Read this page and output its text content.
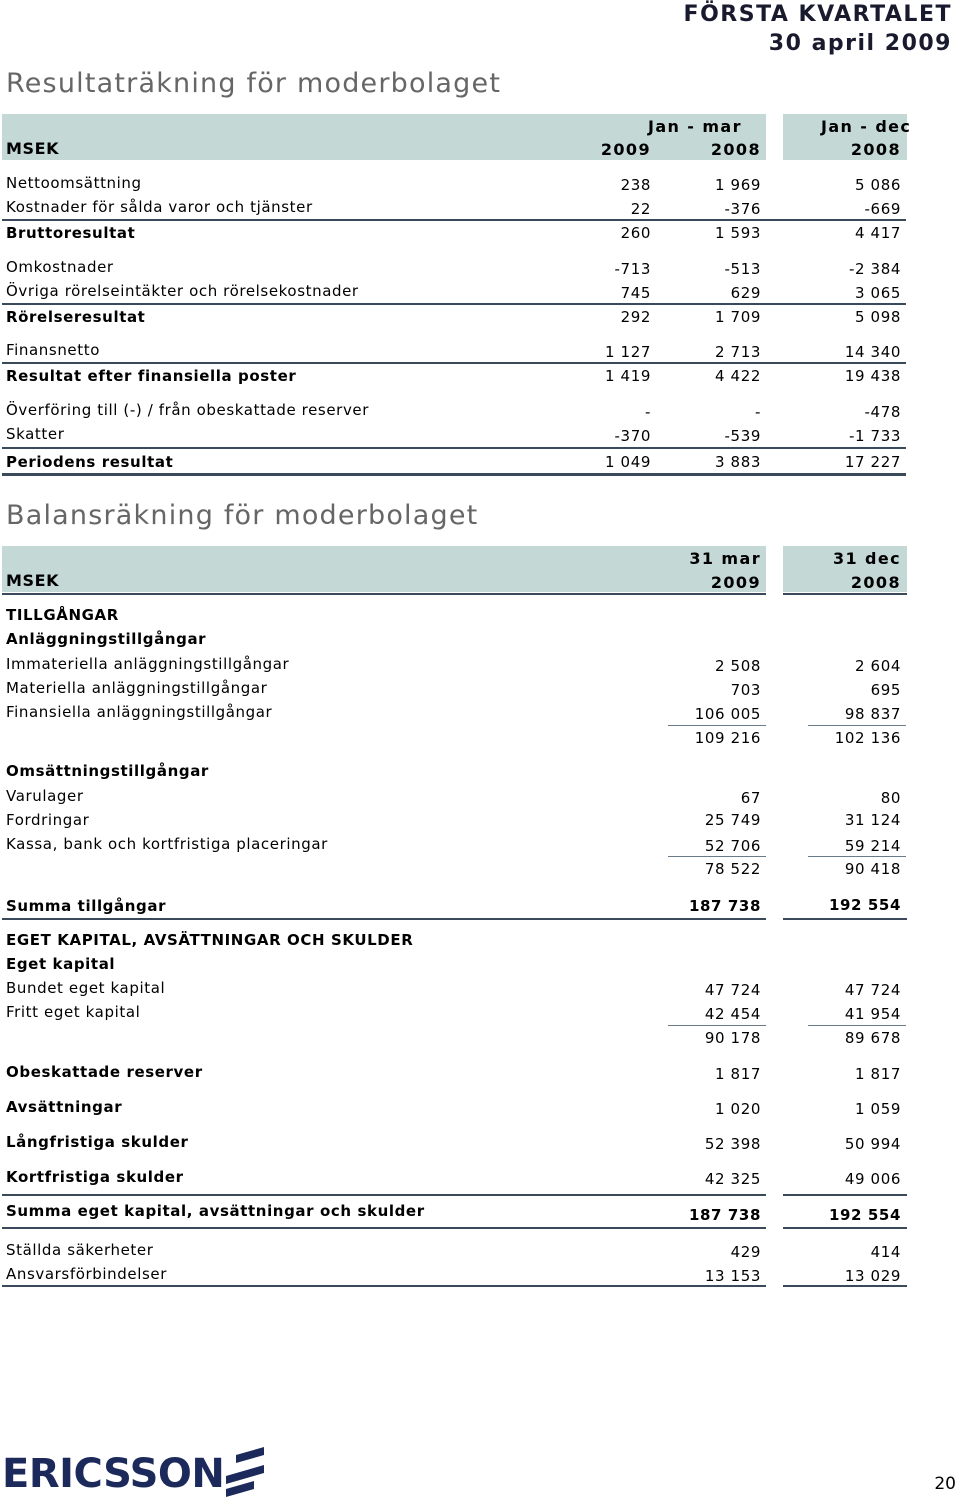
FÖRSTA KVARTALET
30 april 2009
Resultaträkning för moderbolaget
Jan - mar	Jan - dec
MSEK	2009	2008	2008
Nettoomsättning	238	1 969	5 086
Kostnader för sålda varor och tjänster	22	-376	-669
Bruttoresultat	260	1 593	4 417
Omkostnader	-713	-513	-2 384
Övriga rörelseintäkter och rörelsekostnader	745	629	3 065
Rörelseresultat	292	1 709	5 098
Finansnetto	1 127	2 713	14 340
Resultat efter finansiella poster	1 419	4 422	19 438
Överföring till (-) / från obeskattade reserver	-	-	-478
Skatter	-370	-539	-1 733
Periodens resultat	1 049	3 883	17 227
Balansräkning för moderbolaget
31 mar	31 dec
MSEK	2009	2008
TILLGÅNGAR
Anläggningstillgångar
Immateriella anläggningstillgångar	2 508	2 604
Materiella anläggningstillgångar	703	695
Finansiella anläggningstillgångar	106 005	98 837
109 216	102 136
Omsättningstillgångar
Varulager	67	80
Fordringar	25 749	31 124
Kassa, bank och kortfristiga placeringar	52 706	59 214
78 522	90 418
Summa tillgångar	187 738	192 554
EGET KAPITAL, AVSÄTTNINGAR OCH SKULDER
Eget kapital
Bundet eget kapital	47 724	47 724
Fritt eget kapital	42 454	41 954
90 178	89 678
Obeskattade reserver	1 817	1 817
Avsättningar	1 020	1 059
Långfristiga skulder	52 398	50 994
Kortfristiga skulder	42 325	49 006
Summa eget kapital, avsättningar och skulder	187 738	192 554
Ställda säkerheter	429	414
Ansvarsförbindelser	13 153	13 029
ERICSSON	20
